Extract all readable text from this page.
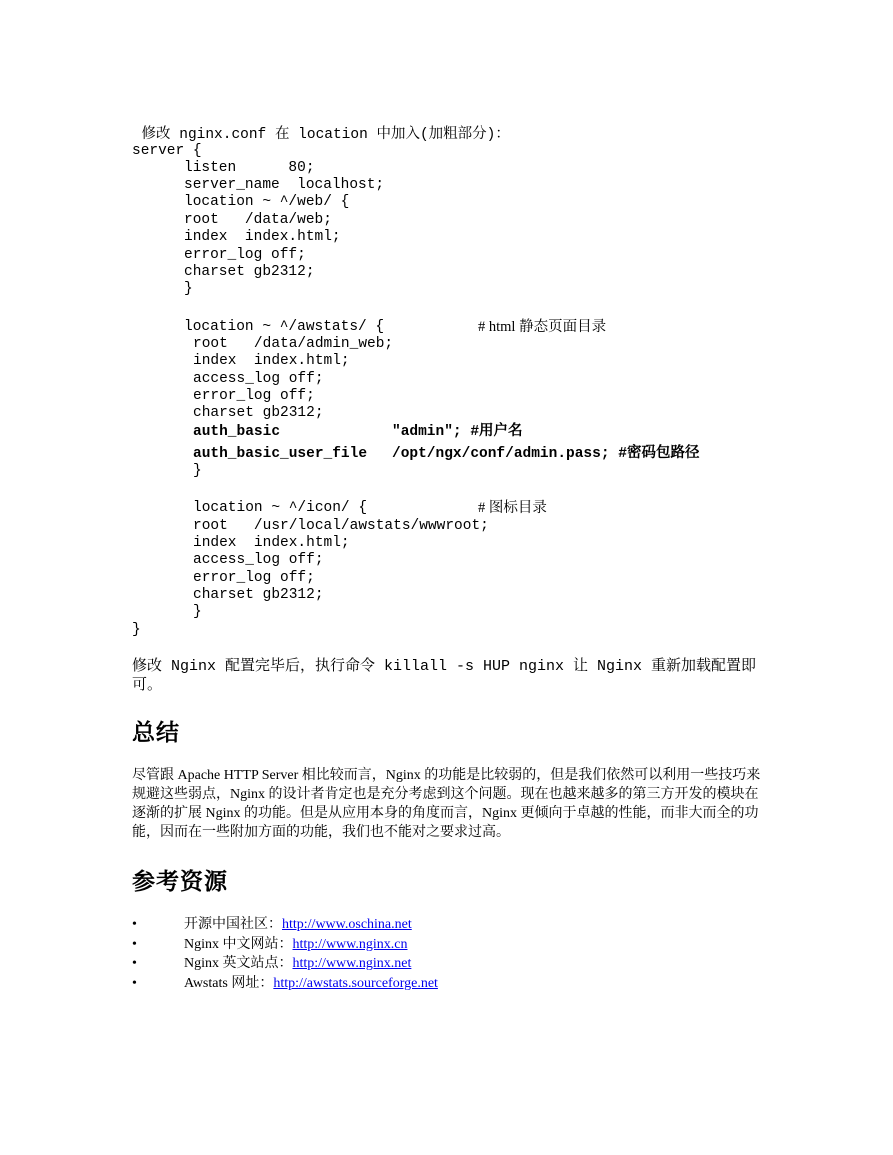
修改 nginx.conf 在 location 中加入(加粗部分)：

server {
listen      80;
server_name  localhost;
location ~ ^/web/ {
root   /data/web;
index  index.html;
error_log off;
charset gb2312;
}
location ~ ^/awstats/ {	# html 静态页面目录
root   /data/admin_web;
index  index.html;
access_log off;
error_log off;
charset gb2312;
auth_basic	"admin"; #用户名
auth_basic_user_file /opt/ngx/conf/admin.pass; #密码包路径
}
location ~ ^/icon/ {	# 图标目录
root   /usr/local/awstats/wwwroot;
index  index.html;
access_log off;
error_log off;
charset gb2312;
}
}
修改 Nginx 配置完毕后，执行命令 killall -s HUP nginx 让 Nginx 重新加载配置即可。
总结
尽管跟 Apache HTTP Server 相比较而言，Nginx 的功能是比较弱的，但是我们依然可以利用一些技巧来规避这些弱点，Nginx 的设计者肯定也是充分考虑到这个问题。现在也越来越多的第三方开发的模块在逐渐的扩展 Nginx 的功能。但是从应用本身的角度而言，Nginx 更倾向于卓越的性能，而非大而全的功能，因而在一些附加方面的功能，我们也不能对之要求过高。
参考资源
•	开源中国社区：http://www.oschina.net
•	Nginx 中文网站：http://www.nginx.cn
•	Nginx 英文站点：http://www.nginx.net
•	Awstats 网址：http://awstats.sourceforge.net
